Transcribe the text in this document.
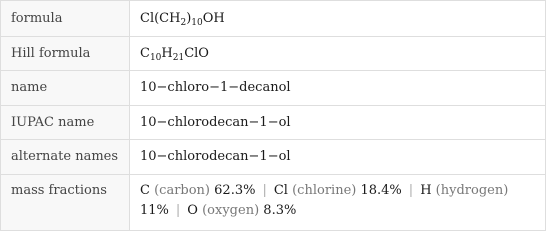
formula	$Cl(CH_2)_{10}OH$
Hill formula	$C_{10}H_{21}ClO$
name	10−chloro−1−decanol
IUPAC name	10−chlorodecan−1−ol
alternate names	10−chlorodecan−1−ol
mass fractions	C (carbon) 62.3% | Cl (chlorine) 18.4% | H (hydrogen) 11% | O (oxygen) 8.3%
